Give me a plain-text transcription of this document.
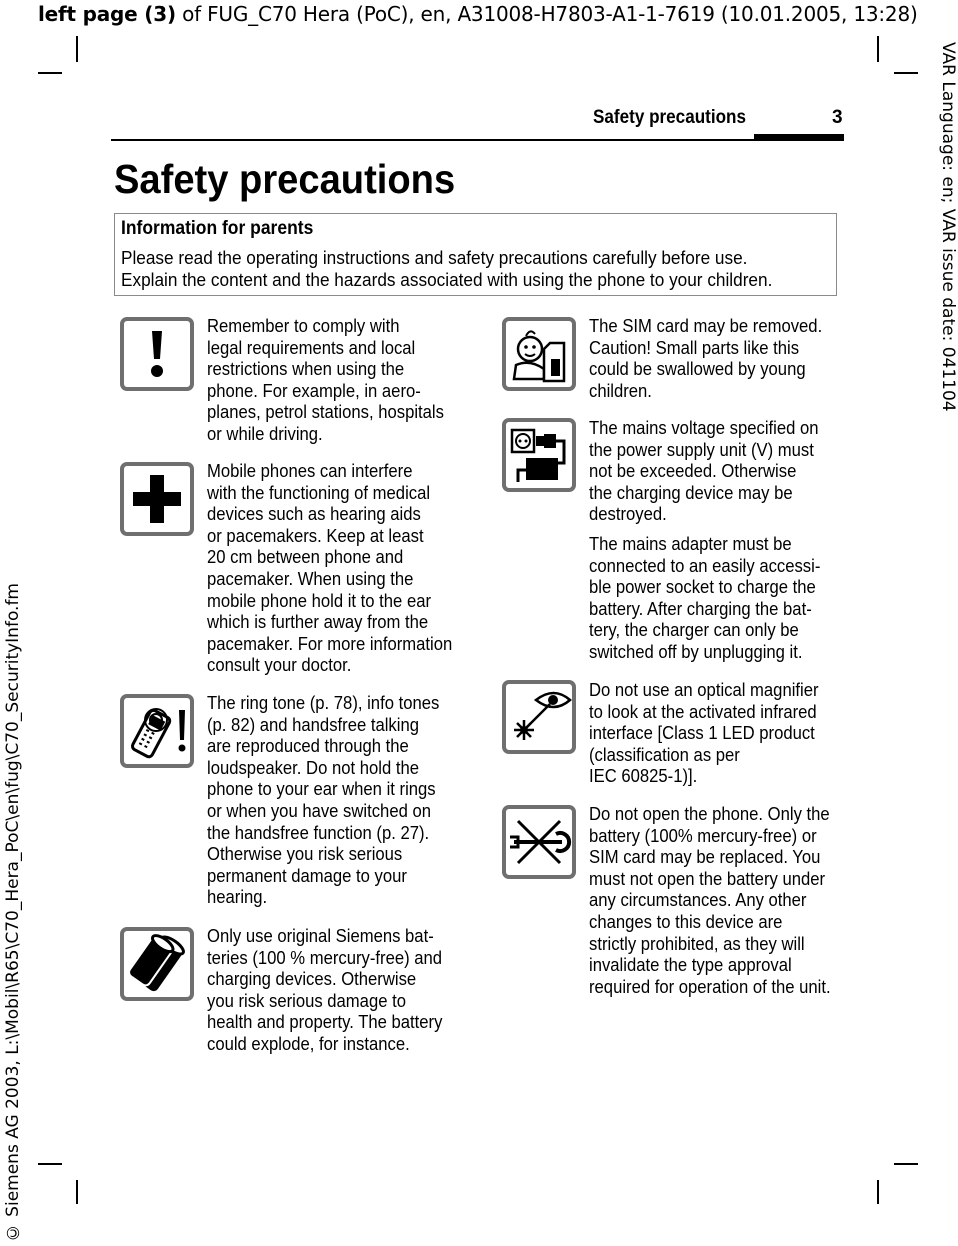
left page (3) of FUG_C70 Hera (PoC), en, A31008-H7803-A1-1-7619 (10.01.2005, 13:28)
VAR Language: en; VAR issue date: 041104
© Siemens AG 2003, L:\Mobil\R65\C70_Hera_PoC\en\fug\C70_SecurityInfo.fm
Safety precautions	3
Safety precautions
Information for parents
Please read the operating instructions and safety precautions carefully before use.
Explain the content and the hazards associated with using the phone to your children.
Remember to comply with
legal requirements and local
restrictions when using the
phone. For example, in aero-
planes, petrol stations, hospitals
or while driving.
Mobile phones can interfere
with the functioning of medical
devices such as hearing aids
or pacemakers. Keep at least
20 cm between phone and
pacemaker. When using the
mobile phone hold it to the ear
which is further away from the
pacemaker. For more information
consult your doctor.
The ring tone (p. 78), info tones
(p. 82) and handsfree talking
are reproduced through the
loudspeaker. Do not hold the
phone to your ear when it rings
or when you have switched on
the handsfree function (p. 27).
Otherwise you risk serious
permanent damage to your
hearing.
Only use original Siemens bat-
teries (100 % mercury-free) and
charging devices. Otherwise
you risk serious damage to
health and property. The battery
could explode, for instance.
The SIM card may be removed.
Caution! Small parts like this
could be swallowed by young
children.
The mains voltage specified on
the power supply unit (V) must
not be exceeded. Otherwise
the charging device may be
destroyed.
The mains adapter must be
connected to an easily accessi-
ble power socket to charge the
battery. After charging the bat-
tery, the charger can only be
switched off by unplugging it.
Do not use an optical magnifier
to look at the activated infrared
interface [Class 1 LED product
(classification as per
IEC 60825-1)].
Do not open the phone. Only the
battery (100% mercury-free) or
SIM card may be replaced. You
must not open the battery under
any circumstances. Any other
changes to this device are
strictly prohibited, as they will
invalidate the type approval
required for operation of the unit.
